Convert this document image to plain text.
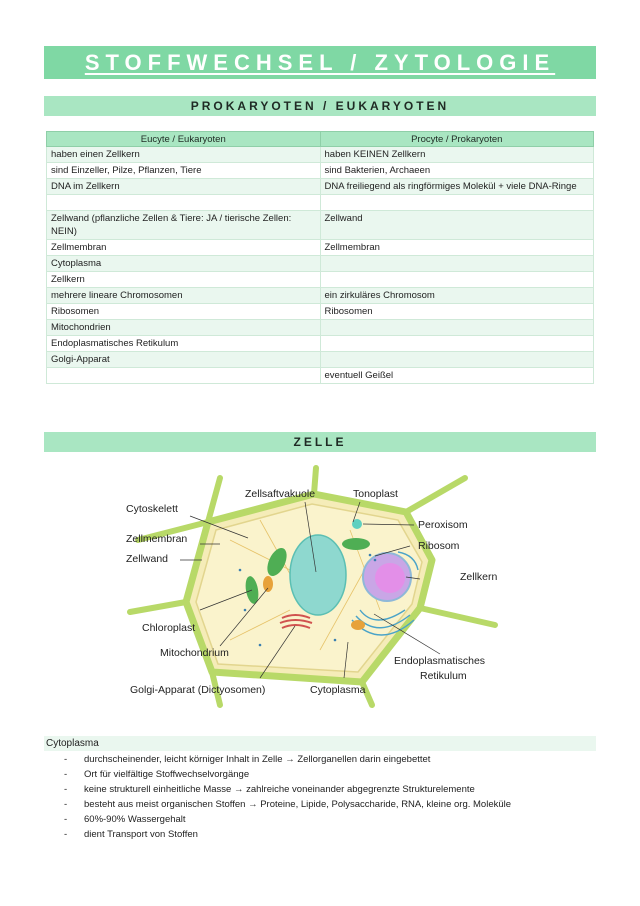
STOFFWECHSEL / ZYTOLOGIE
PROKARYOTEN / EUKARYOTEN
Eucyte / Eukaryoten	Procyte / Prokaryoten
haben einen Zellkern	haben KEINEN Zellkern
sind Einzeller, Pilze, Pflanzen, Tiere	sind Bakterien, Archaeen
DNA im Zellkern	DNA freiliegend als ringförmiges Molekül + viele DNA-Ringe

Zellwand (pflanzliche Zellen & Tiere: JA / tierische Zellen: NEIN)	Zellwand
Zellmembran	Zellmembran
Cytoplasma	
Zellkern	
mehrere lineare Chromosomen	ein zirkuläres Chromosom
Ribosomen	Ribosomen
Mitochondrien	
Endoplasmatisches Retikulum	
Golgi-Apparat	
	eventuell Geißel
ZELLE
Zellsaftvakuole	Tonoplast
Cytoskelett
Peroxisom
Zellmembran
Ribosom
Zellwand
Zellkern
Chloroplast
Mitochondrium
Endoplasmatisches
Retikulum
Golgi-Apparat (Dictyosomen)	Cytoplasma
Cytoplasma
- durchscheinender, leicht körniger Inhalt in Zelle → Zellorganellen darin eingebettet
- Ort für vielfältige Stoffwechselvorgänge
- keine strukturell einheitliche Masse → zahlreiche voneinander abgegrenzte Strukturelemente
- besteht aus meist organischen Stoffen → Proteine, Lipide, Polysaccharide, RNA, kleine org. Moleküle
- 60%-90% Wassergehalt
- dient Transport von Stoffen
